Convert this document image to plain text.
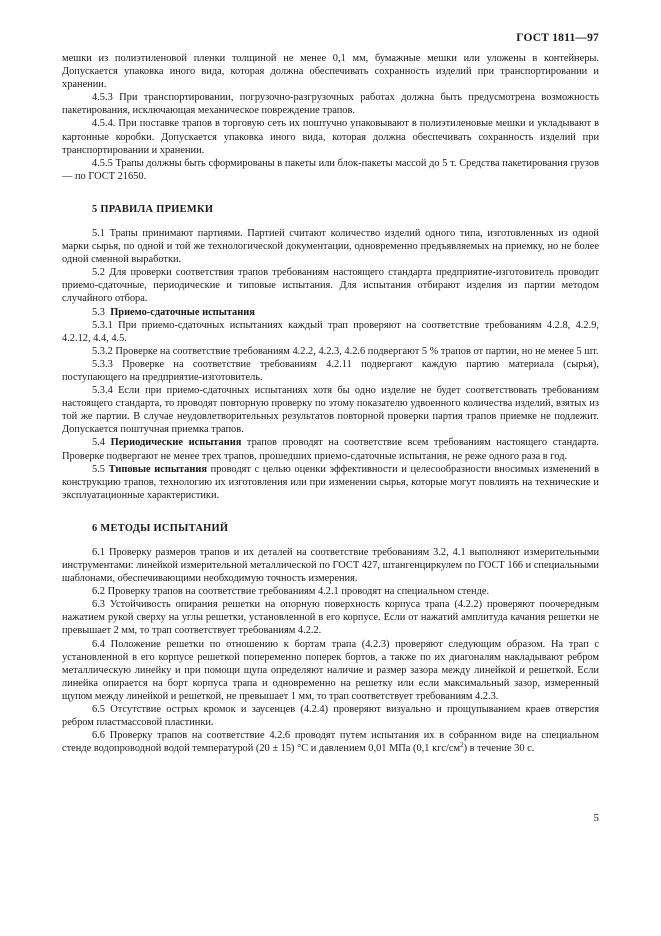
ГОСТ 1811—97

мешки из полиэтиленовой пленки толщиной не менее 0,1 мм, бумажные мешки или уложены в контейнеры. Допускается упаковка иного вида, которая должна обеспечивать сохранность изделий при транспортировании и хранении.

4.5.3 При транспортировании, погрузочно-разгрузочных работах должна быть предусмотрена возможность пакетирования, исключающая механическое повреждение трапов.

4.5.4. При поставке трапов в торговую сеть их поштучно упаковывают в полиэтиленовые мешки и укладывают в картонные коробки. Допускается упаковка иного вида, которая должна обеспечивать сохранность изделий при транспортировании и хранении.

4.5.5 Трапы должны быть сформированы в пакеты или блок-пакеты массой до 5 т. Средства пакетирования грузов — по ГОСТ 21650.

5 ПРАВИЛА ПРИЕМКИ

5.1 Трапы принимают партиями. Партией считают количество изделий одного типа, изготовленных из одной марки сырья, по одной и той же технологической документации, одновременно предъявляемых на приемку, но не более одной сменной выработки.

5.2 Для проверки соответствия трапов требованиям настоящего стандарта предприятие-изготовитель проводит приемо-сдаточные, периодические и типовые испытания. Для испытания отбирают изделия из партии методом случайного отбора.

5.3 Приемо-сдаточные испытания

5.3.1 При приемо-сдаточных испытаниях каждый трап проверяют на соответствие требованиям 4.2.8, 4.2.9, 4.2.12, 4.4, 4.5.

5.3.2 Проверке на соответствие требованиям 4.2.2, 4.2.3, 4.2.6 подвергают 5 % трапов от партии, но не менее 5 шт.

5.3.3 Проверке на соответствие требованиям 4.2.11 подвергают каждую партию материала (сырья), поступающего на предприятие-изготовитель.

5.3.4 Если при приемо-сдаточных испытаниях хотя бы одно изделие не будет соответствовать требованиям настоящего стандарта, то проводят повторную проверку по этому показателю удвоенного количества изделий, взятых из той же партии. В случае неудовлетворительных результатов повторной проверки партия трапов приемке не подлежит. Допускается поштучная приемка трапов.

5.4 Периодические испытания трапов проводят на соответствие всем требованиям настоящего стандарта. Проверке подвергают не менее трех трапов, прошедших приемо-сдаточные испытания, не реже одного раза в год.

5.5 Типовые испытания проводят с целью оценки эффективности и целесообразности вносимых изменений в конструкцию трапов, технологию их изготовления или при изменении сырья, которые могут повлиять на технические и эксплуатационные характеристики.

6 МЕТОДЫ ИСПЫТАНИЙ

6.1 Проверку размеров трапов и их деталей на соответствие требованиям 3.2, 4.1 выполняют измерительными инструментами: линейкой измерительной металлической по ГОСТ 427, штангенциркулем по ГОСТ 166 и специальными шаблонами, обеспечивающими необходимую точность измерения.

6.2 Проверку трапов на соответствие требованиям 4.2.1 проводят на специальном стенде.

6.3 Устойчивость опирания решетки на опорную поверхность корпуса трапа (4.2.2) проверяют поочередным нажатием рукой сверху на углы решетки, установленной в его корпусе. Если от нажатий амплитуда качания решетки не превышает 2 мм, то трап соответствует требованиям 4.2.2.

6.4 Положение решетки по отношению к бортам трапа (4.2.3) проверяют следующим образом. На трап с установленной в его корпусе решеткой попеременно поперек бортов, а также по их диагоналям накладывают ребром металлическую линейку и при помощи щупа определяют наличие и размер зазора между линейкой и решеткой. Если линейка опирается на борт корпуса трапа и одновременно на решетку или если максимальный зазор, измеренный щупом между линейкой и решеткой, не превышает 1 мм, то трап соответствует требованиям 4.2.3.

6.5 Отсутствие острых кромок и заусенцев (4.2.4) проверяют визуально и прощупыванием краев отверстия ребром пластмассовой пластинки.

6.6 Проверку трапов на соответствие 4.2.6 проводят путем испытания их в собранном виде на специальном стенде водопроводной водой температурой (20 ± 15) °С и давлением 0,01 МПа (0,1 кгс/$см^2$) в течение 30 с.

5
